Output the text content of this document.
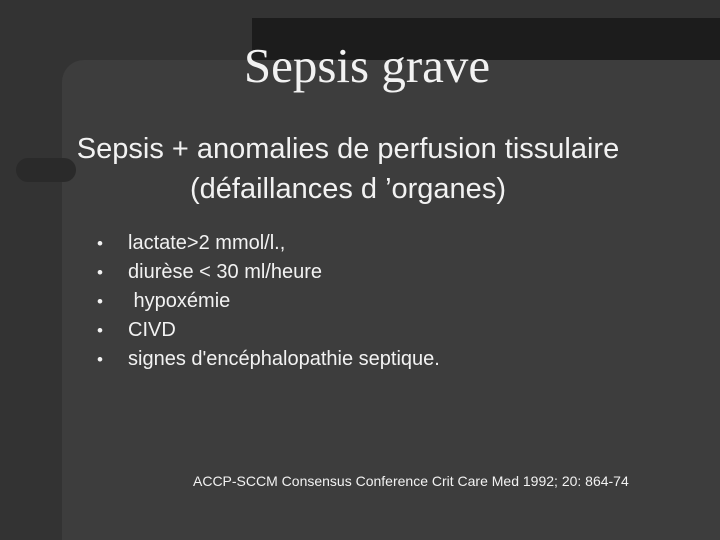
Sepsis grave
Sepsis + anomalies de perfusion tissulaire
(défaillances d ’organes)
• lactate>2 mmol/l.,
• diurèse < 30 ml/heure
• hypoxémie
• CIVD
• signes d'encéphalopathie septique.
ACCP-SCCM Consensus Conference Crit Care Med 1992; 20: 864-74
